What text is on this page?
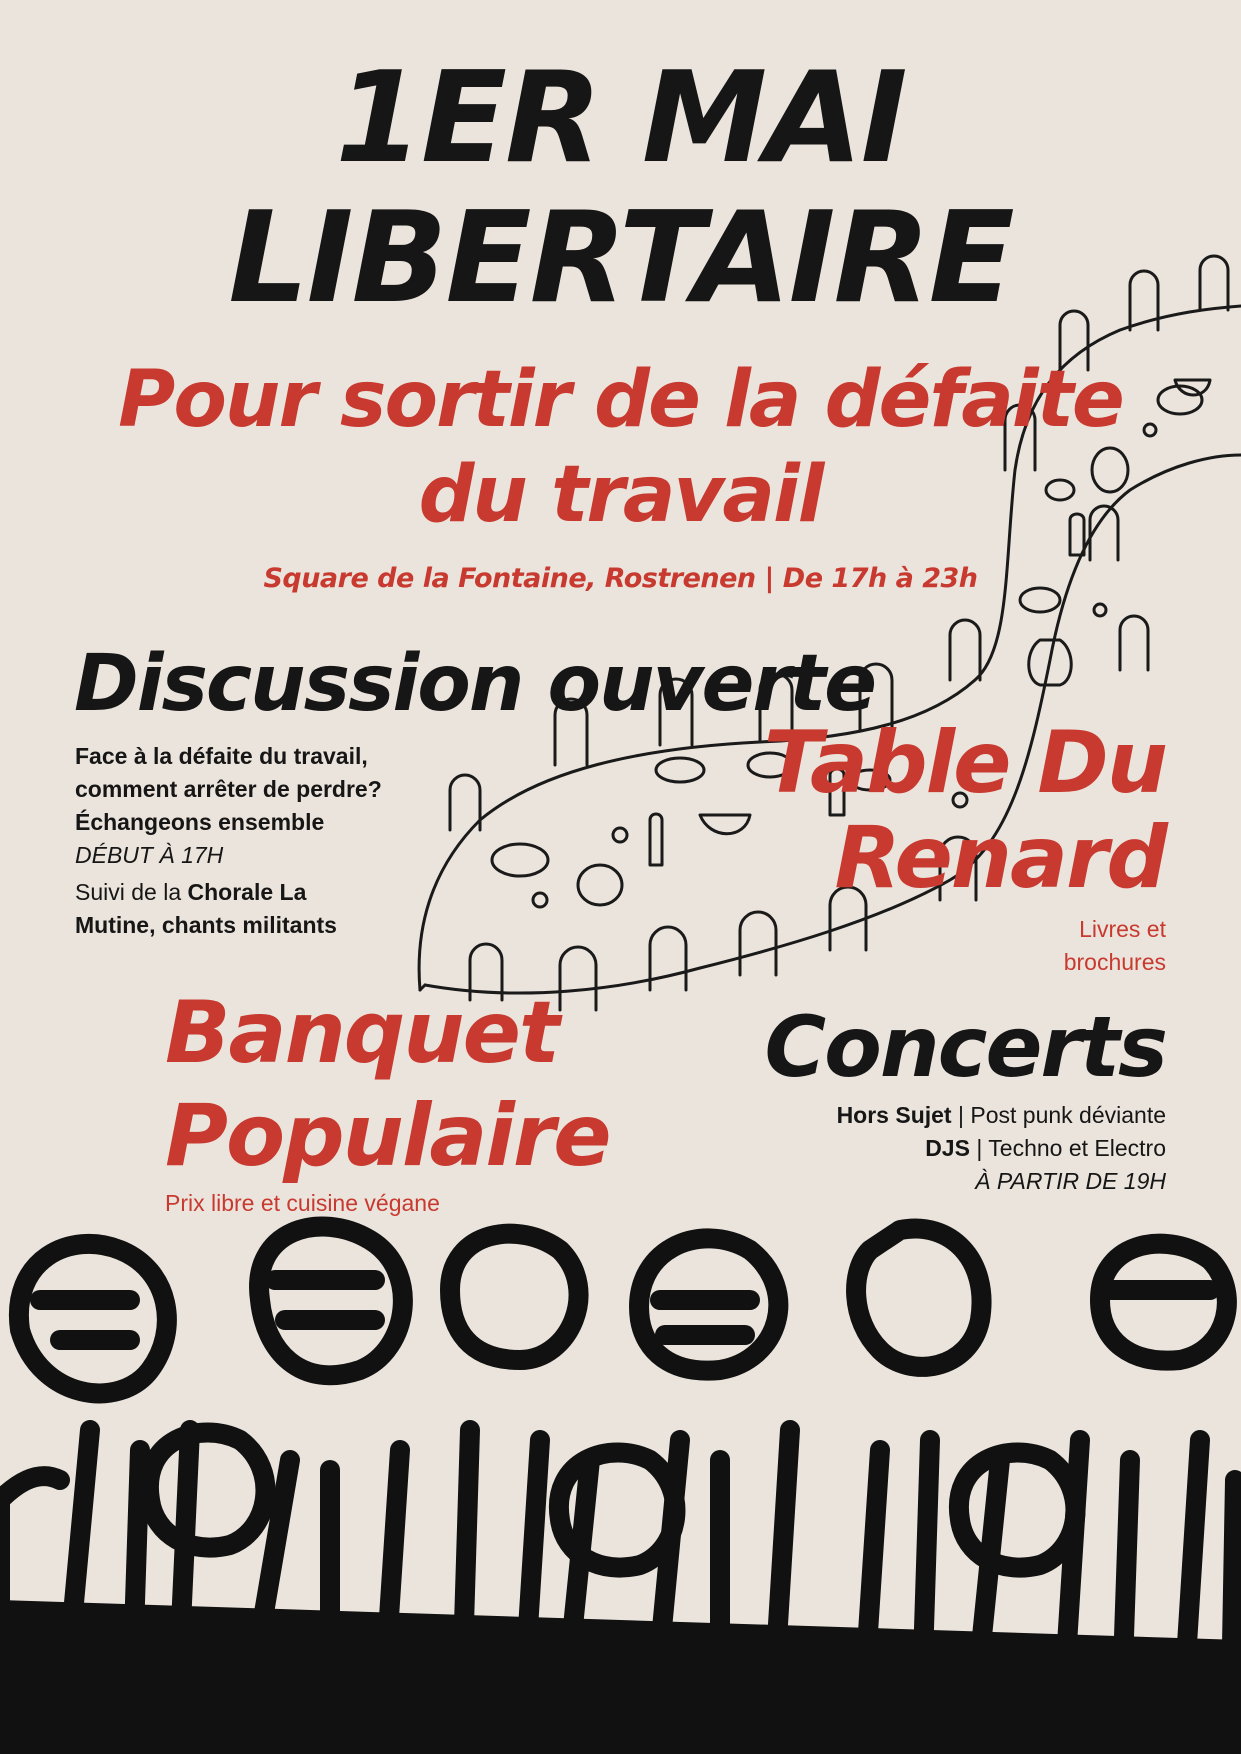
1ER MAI
LIBERTAIRE
Pour sortir de la défaite
du travail
Square de la Fontaine, Rostrenen | De 17h à 23h
Discussion ouverte
Face à la défaite du travail,
comment arrêter de perdre?
Échangeons ensemble
DÉBUT À 17H
Suivi de la Chorale La
Mutine, chants militants
Table Du
Renard
Livres et
brochures
Concerts
Hors Sujet | Post punk déviante
DJS | Techno et Electro
À PARTIR DE 19H
Banquet
Populaire
Prix libre et cuisine végane
